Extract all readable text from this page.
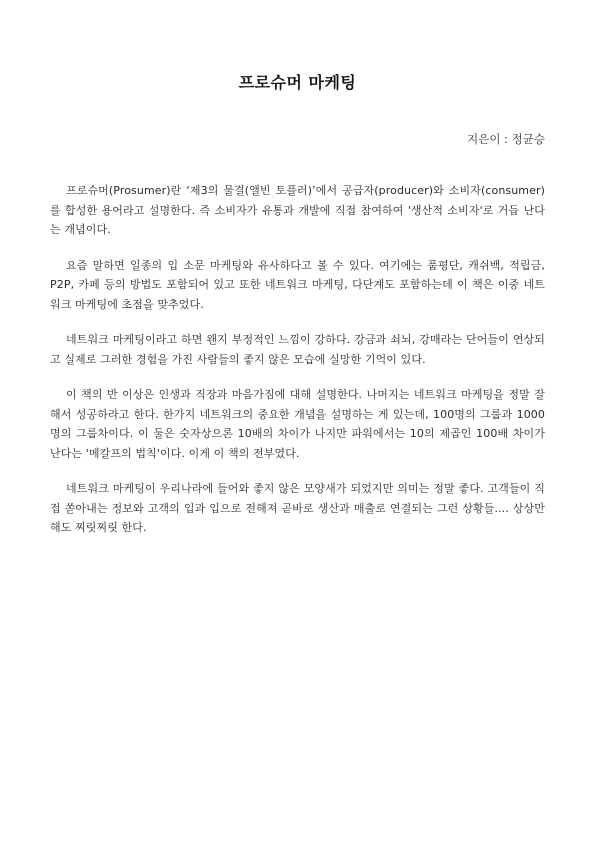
프로슈머 마케팅
지은이 : 정균승

프로슈머(Prosumer)란 ‘제3의 물결(앨빈 토플러)’에서 공급자(producer)와 소비자(consumer)를 합성한 용어라고 설명한다. 즉 소비자가 유통과 개발에 직접 참여하여 '생산적 소비자'로 거듭 난다는 개념이다.

요즘 말하면 일종의 입 소문 마케팅와 유사하다고 볼 수 있다. 여기에는 품평단, 캐쉬백, 적립금, P2P, 카페 등의 방법도 포함되어 있고 또한 네트워크 마케팅, 다단계도 포함하는데 이 책은 이중 네트워크 마케팅에 초점을 맞추었다.

네트워크 마케팅이라고 하면 왠지 부정적인 느낌이 강하다. 강금과 쇠뇌, 강매라는 단어들이 연상되고 실제로 그러한 경험을 가진 사람들의 좋지 않은 모습에 실망한 기억이 있다.

이 책의 반 이상은 인생과 직장과 마음가짐에 대해 설명한다. 나머지는 네트워크 마케팅을 정말 잘해서 성공하라고 한다. 한가지 네트워크의 중요한 개념을 설명하는 게 있는데, 100명의 그룹과 1000명의 그룹차이다. 이 둘은 숫자상으론 10배의 차이가 나지만 파워에서는 10의 제곱인 100배 차이가 난다는 '메칼프의 법칙'이다. 이게 이 책의 전부였다.

네트워크 마케팅이 우리나라에 들어와 좋지 않은 모양새가 되었지만 의미는 정말 좋다. 고객들이 직접 쏟아내는 정보와 고객의 입과 입으로 전해져 곧바로 생산과 매출로 연결되는 그런 상황들.... 상상만 해도 찌릿찌릿 한다.
